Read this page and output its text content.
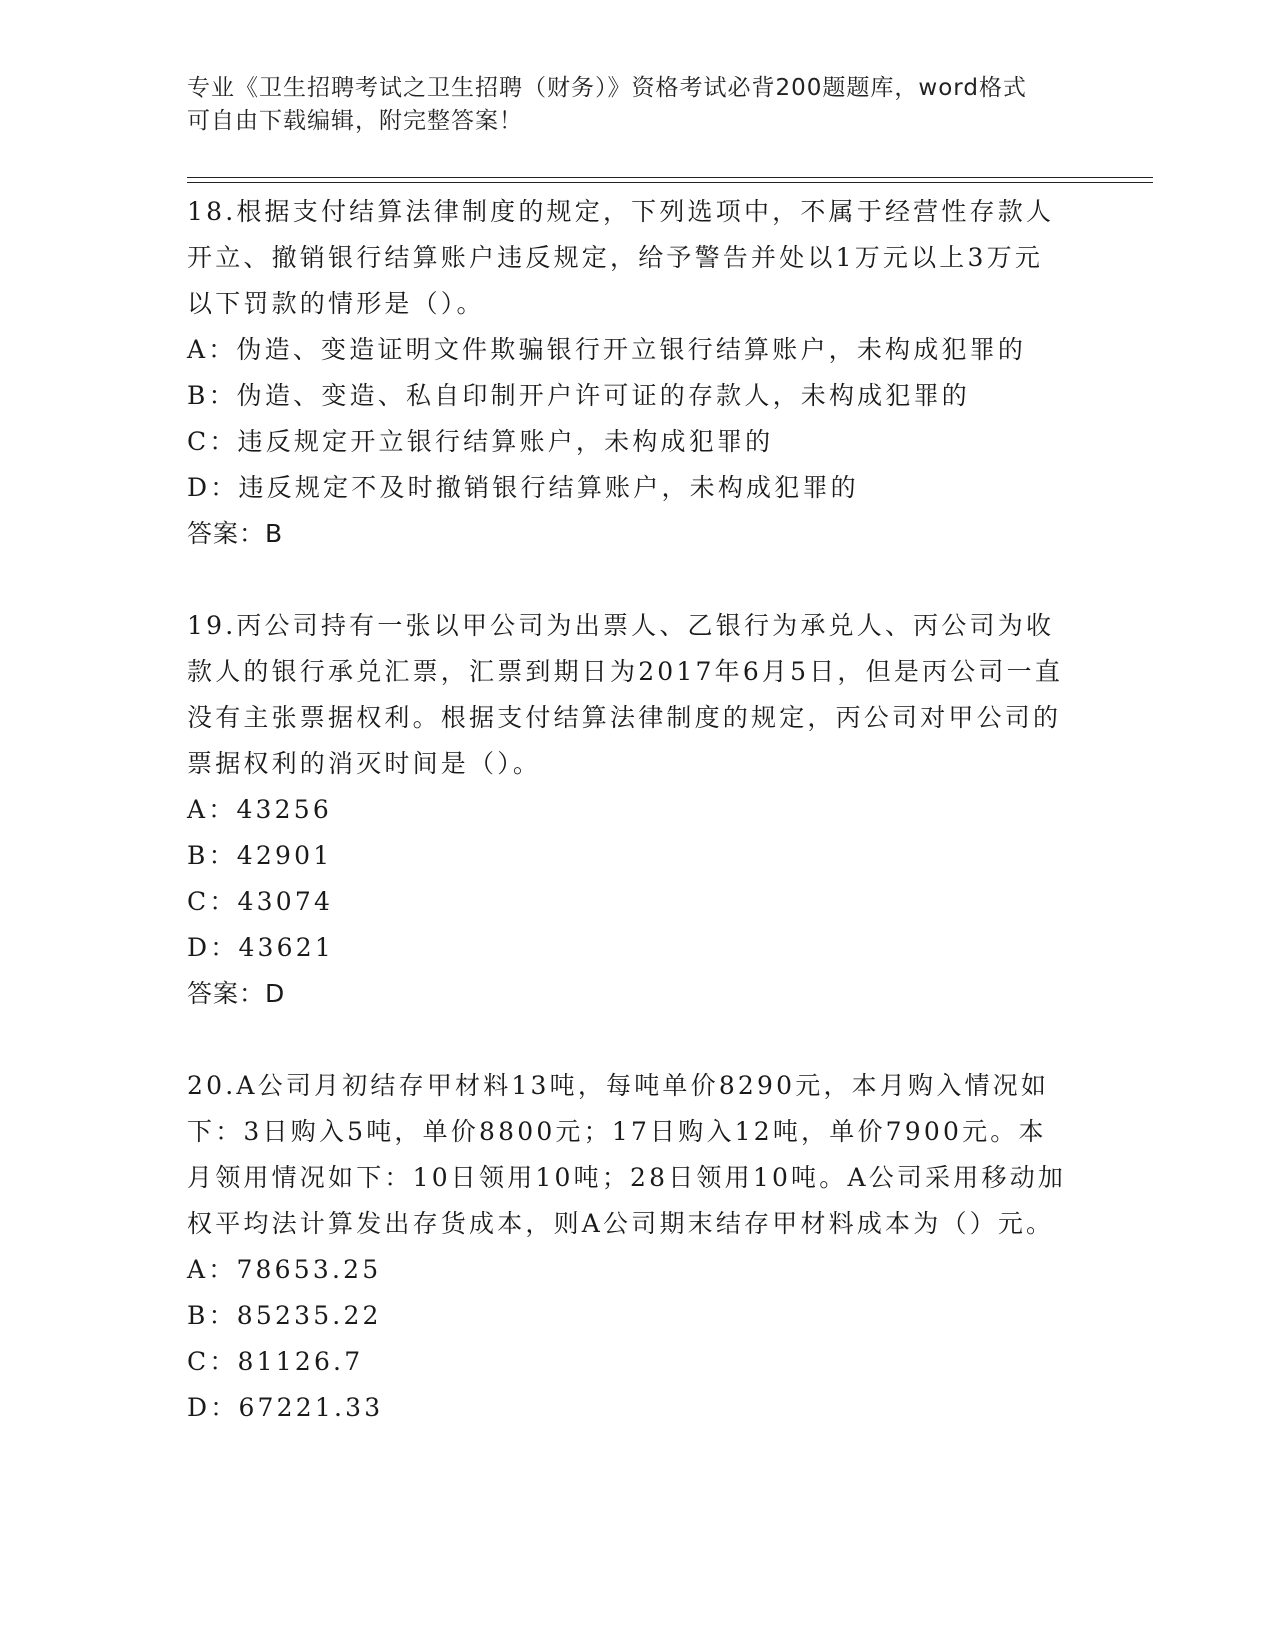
专业《卫生招聘考试之卫生招聘（财务）》资格考试必背200题题库，word格式
可自由下载编辑，附完整答案！
18.根据支付结算法律制度的规定，下列选项中，不属于经营性存款人开立、撤销银行结算账户违反规定，给予警告并处以1万元以上3万元以下罚款的情形是（）。
A：伪造、变造证明文件欺骗银行开立银行结算账户，未构成犯罪的
B：伪造、变造、私自印制开户许可证的存款人，未构成犯罪的
C：违反规定开立银行结算账户，未构成犯罪的
D：违反规定不及时撤销银行结算账户，未构成犯罪的
答案：B
19.丙公司持有一张以甲公司为出票人、乙银行为承兑人、丙公司为收款人的银行承兑汇票，汇票到期日为2017年6月5日，但是丙公司一直没有主张票据权利。根据支付结算法律制度的规定，丙公司对甲公司的票据权利的消灭时间是（）。
A：43256
B：42901
C：43074
D：43621
答案：D
20.A公司月初结存甲材料13吨，每吨单价8290元，本月购入情况如下：3日购入5吨，单价8800元；17日购入12吨，单价7900元。本月领用情况如下：10日领用10吨；28日领用10吨。A公司采用移动加权平均法计算发出存货成本，则A公司期末结存甲材料成本为（）元。
A：78653.25
B：85235.22
C：81126.7
D：67221.33
